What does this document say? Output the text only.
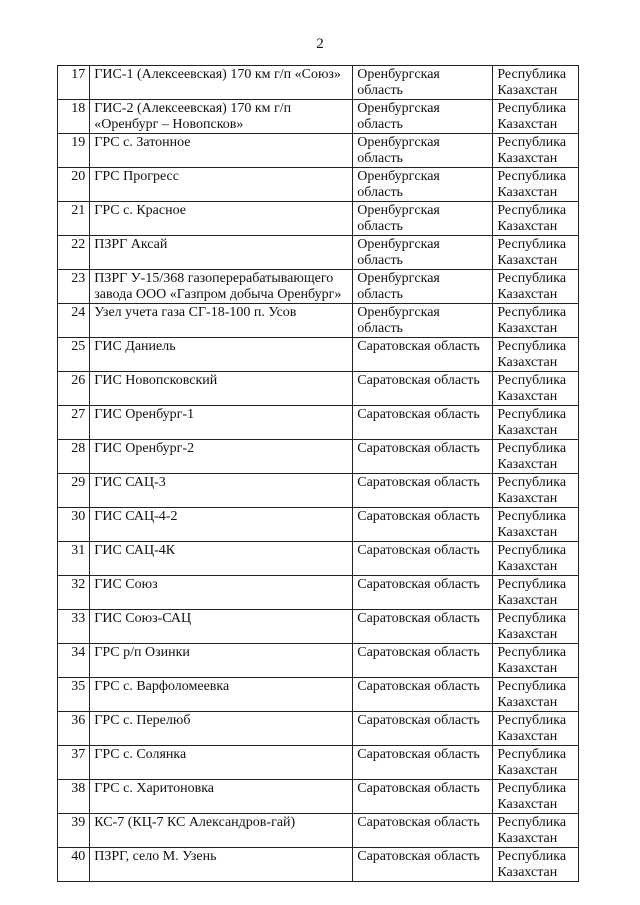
2
17	ГИС-1 (Алексеевская) 170 км г/п «Союз»	Оренбургская область	Республика
Казахстан

18	ГИС-2 (Алексеевская) 170 км г/п «Оренбург – Новопсков»	Оренбургская область	Республика
Казахстан

19	ГРС с. Затонное	Оренбургская область	Республика
Казахстан

20	ГРС Прогресс	Оренбургская область	Республика
Казахстан

21	ГРС с. Красное	Оренбургская область	Республика
Казахстан

22	ПЗРГ Аксай	Оренбургская область	Республика
Казахстан

23	ПЗРГ У-15/368 газоперерабатывающего завода ООО «Газпром добыча Оренбург»	Оренбургская область	Республика
Казахстан

24	Узел учета газа СГ-18-100 п. Усов	Оренбургская область	Республика
Казахстан

25	ГИС Даниель	Саратовская область	Республика
Казахстан

26	ГИС Новопсковский	Саратовская область	Республика
Казахстан

27	ГИС Оренбург-1	Саратовская область	Республика
Казахстан

28	ГИС Оренбург-2	Саратовская область	Республика
Казахстан

29	ГИС САЦ-3	Саратовская область	Республика
Казахстан

30	ГИС САЦ-4-2	Саратовская область	Республика
Казахстан

31	ГИС САЦ-4К	Саратовская область	Республика
Казахстан

32	ГИС Союз	Саратовская область	Республика
Казахстан

33	ГИС Союз-САЦ	Саратовская область	Республика
Казахстан

34	ГРС р/п Озинки	Саратовская область	Республика
Казахстан

35	ГРС с. Варфоломеевка	Саратовская область	Республика
Казахстан

36	ГРС с. Перелюб	Саратовская область	Республика
Казахстан

37	ГРС с. Солянка	Саратовская область	Республика
Казахстан

38	ГРС с. Харитоновка	Саратовская область	Республика
Казахстан

39	КС-7 (КЦ-7 КС Александров-гай)	Саратовская область	Республика
Казахстан

40	ПЗРГ, село М. Узень	Саратовская область	Республика
Казахстан
